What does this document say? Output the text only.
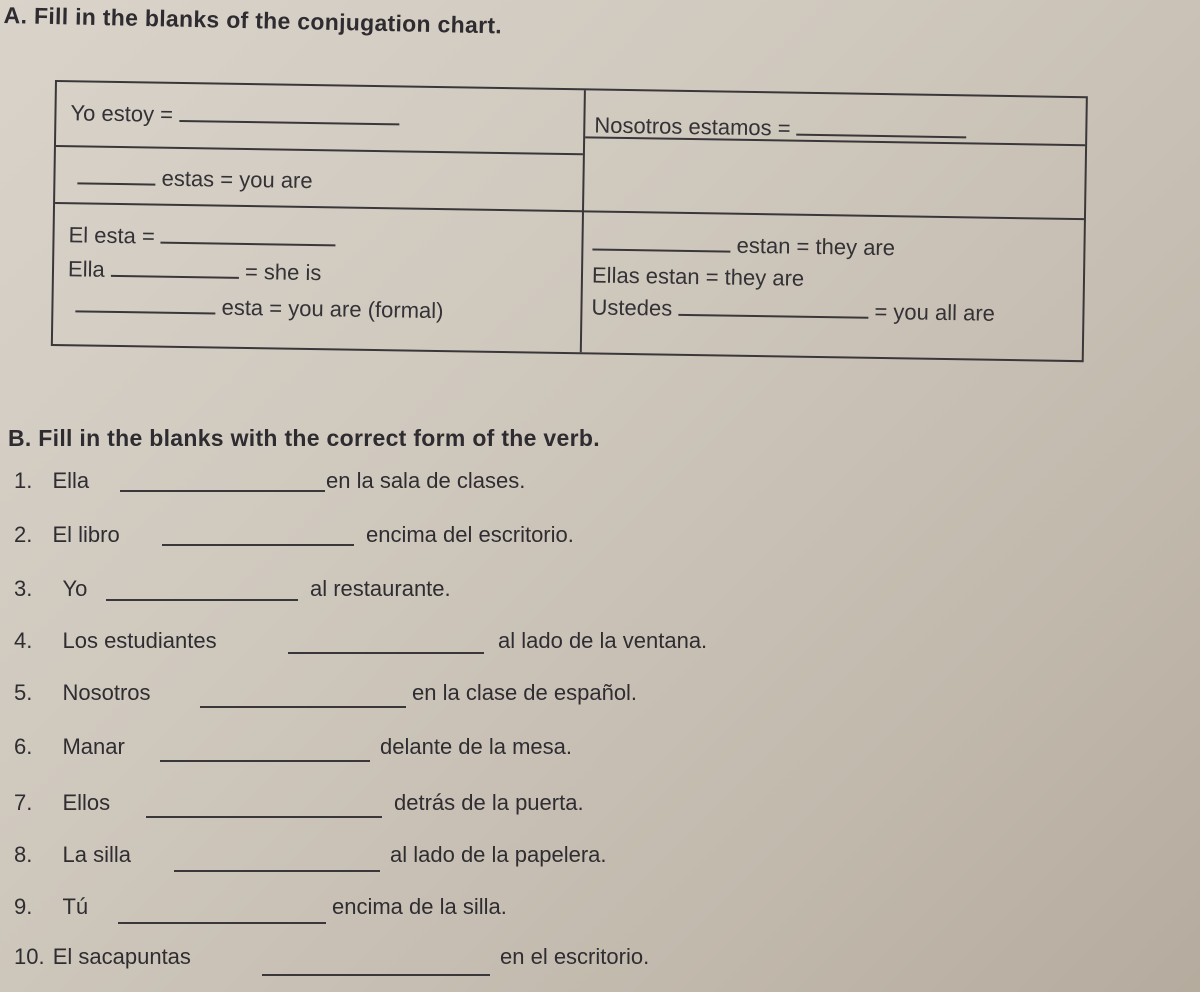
A. Fill in the blanks of the conjugation chart.
Yo estoy =
estas = you are
El esta =
Ella	= she is
esta = you are (formal)
Nosotros estamos =
estan = they are
Ellas estan = they are
Ustedes	= you all are
B. Fill in the blanks with the correct form of the verb.
1. Ella	en la sala de clases.
2. El libro	encima del escritorio.
3. Yo	al restaurante.
4. Los estudiantes	al lado de la ventana.
5. Nosotros	en la clase de español.
6. Manar	delante de la mesa.
7. Ellos	detrás de la puerta.
8. La silla	al lado de la papelera.
9. Tú	encima de la silla.
10. El sacapuntas	en el escritorio.
